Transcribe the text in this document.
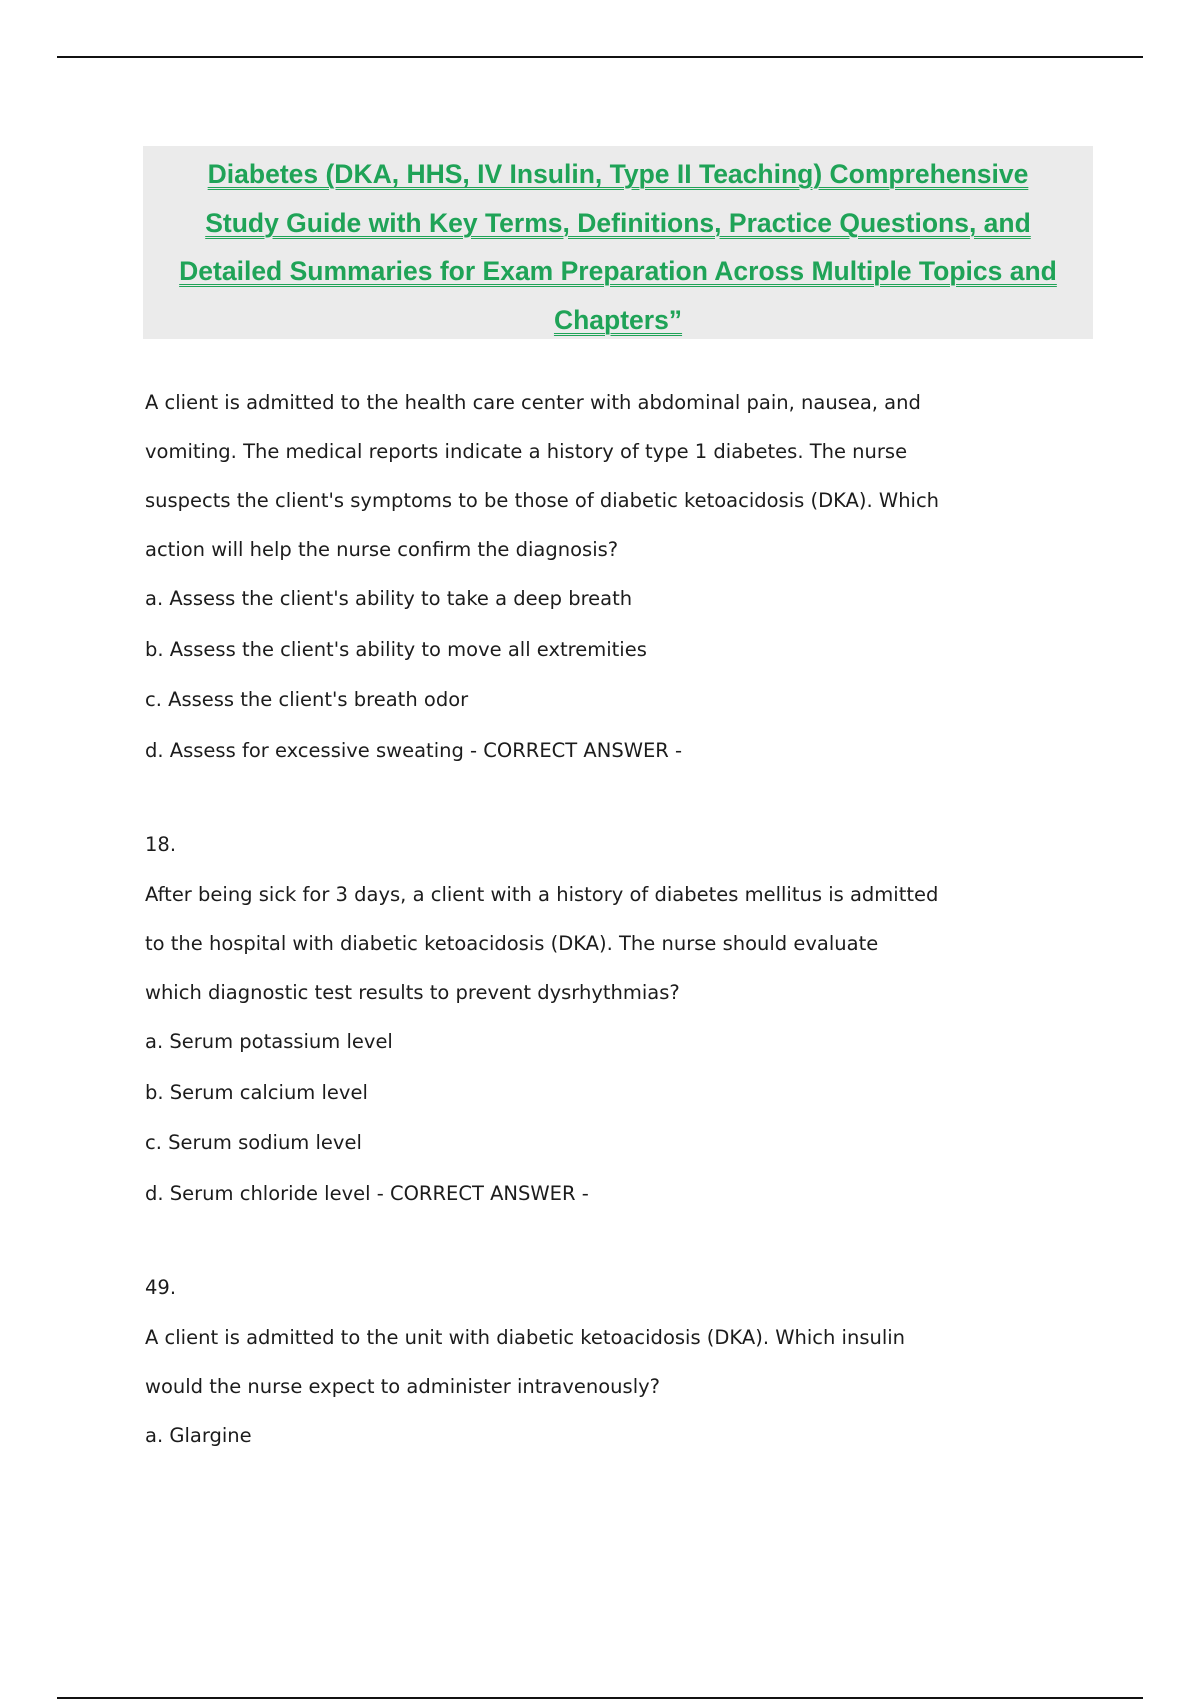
Diabetes (DKA, HHS, IV Insulin, Type II Teaching) Comprehensive
Study Guide with Key Terms, Definitions, Practice Questions, and
Detailed Summaries for Exam Preparation Across Multiple Topics and
Chapters”

A client is admitted to the health care center with abdominal pain, nausea, and
vomiting. The medical reports indicate a history of type 1 diabetes. The nurse
suspects the client's symptoms to be those of diabetic ketoacidosis (DKA). Which
action will help the nurse confirm the diagnosis?

a. Assess the client's ability to take a deep breath
b. Assess the client's ability to move all extremities
c. Assess the client's breath odor
d. Assess for excessive sweating - CORRECT ANSWER -
18.

After being sick for 3 days, a client with a history of diabetes mellitus is admitted
to the hospital with diabetic ketoacidosis (DKA). The nurse should evaluate
which diagnostic test results to prevent dysrhythmias?

a. Serum potassium level
b. Serum calcium level
c. Serum sodium level
d. Serum chloride level - CORRECT ANSWER -
49.

A client is admitted to the unit with diabetic ketoacidosis (DKA). Which insulin
would the nurse expect to administer intravenously?

a. Glargine
